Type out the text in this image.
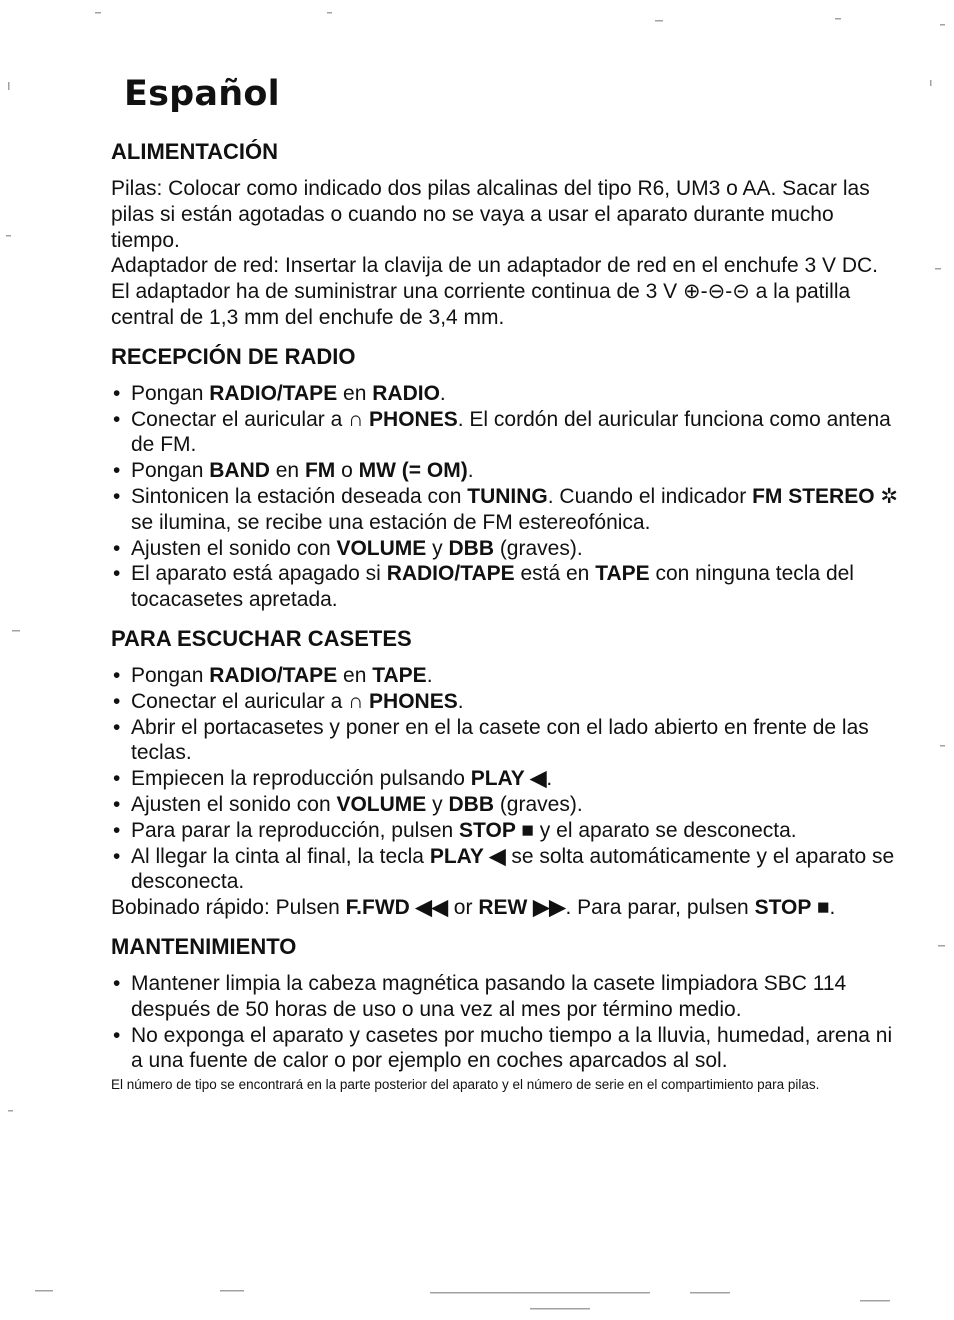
Español
ALIMENTACIÓN

Pilas: Colocar como indicado dos pilas alcalinas del tipo R6, UM3 o AA. Sacar las pilas si están agotadas o cuando no se vaya a usar el aparato durante mucho tiempo.

Adaptador de red: Insertar la clavija de un adaptador de red en el enchufe 3 V DC. El adaptador ha de suministrar una corriente continua de 3 V ⊕-⊖-⊝ a la patilla central de 1,3 mm del enchufe de 3,4 mm.

RECEPCIÓN DE RADIO
• Pongan RADIO/TAPE en RADIO.
• Conectar el auricular a ∩ PHONES. El cordón del auricular funciona como antena de FM.
• Pongan BAND en FM o MW (= OM).
• Sintonicen la estación deseada con TUNING. Cuando el indicador FM STEREO ✲ se ilumina, se recibe una estación de FM estereofónica.
• Ajusten el sonido con VOLUME y DBB (graves).
• El aparato está apagado si RADIO/TAPE está en TAPE con ninguna tecla del tocacasetes apretada.
PARA ESCUCHAR CASETES
• Pongan RADIO/TAPE en TAPE.
• Conectar el auricular a ∩ PHONES.
• Abrir el portacasetes y poner en el la casete con el lado abierto en frente de las teclas.
• Empiecen la reproducción pulsando PLAY ◀.
• Ajusten el sonido con VOLUME y DBB (graves).
• Para parar la reproducción, pulsen STOP ■ y el aparato se desconecta.
• Al llegar la cinta al final, la tecla PLAY ◀ se solta automáticamente y el aparato se desconecta.

Bobinado rápido: Pulsen F.FWD ◀◀ or REW ▶▶. Para parar, pulsen STOP ■.

MANTENIMIENTO
• Mantener limpia la cabeza magnética pasando la casete limpiadora SBC 114 después de 50 horas de uso o una vez al mes por término medio.
• No exponga el aparato y casetes por mucho tiempo a la lluvia, humedad, arena ni a una fuente de calor o por ejemplo en coches aparcados al sol.
El número de tipo se encontrará en la parte posterior del aparato y el número de serie en el compartimiento para pilas.
